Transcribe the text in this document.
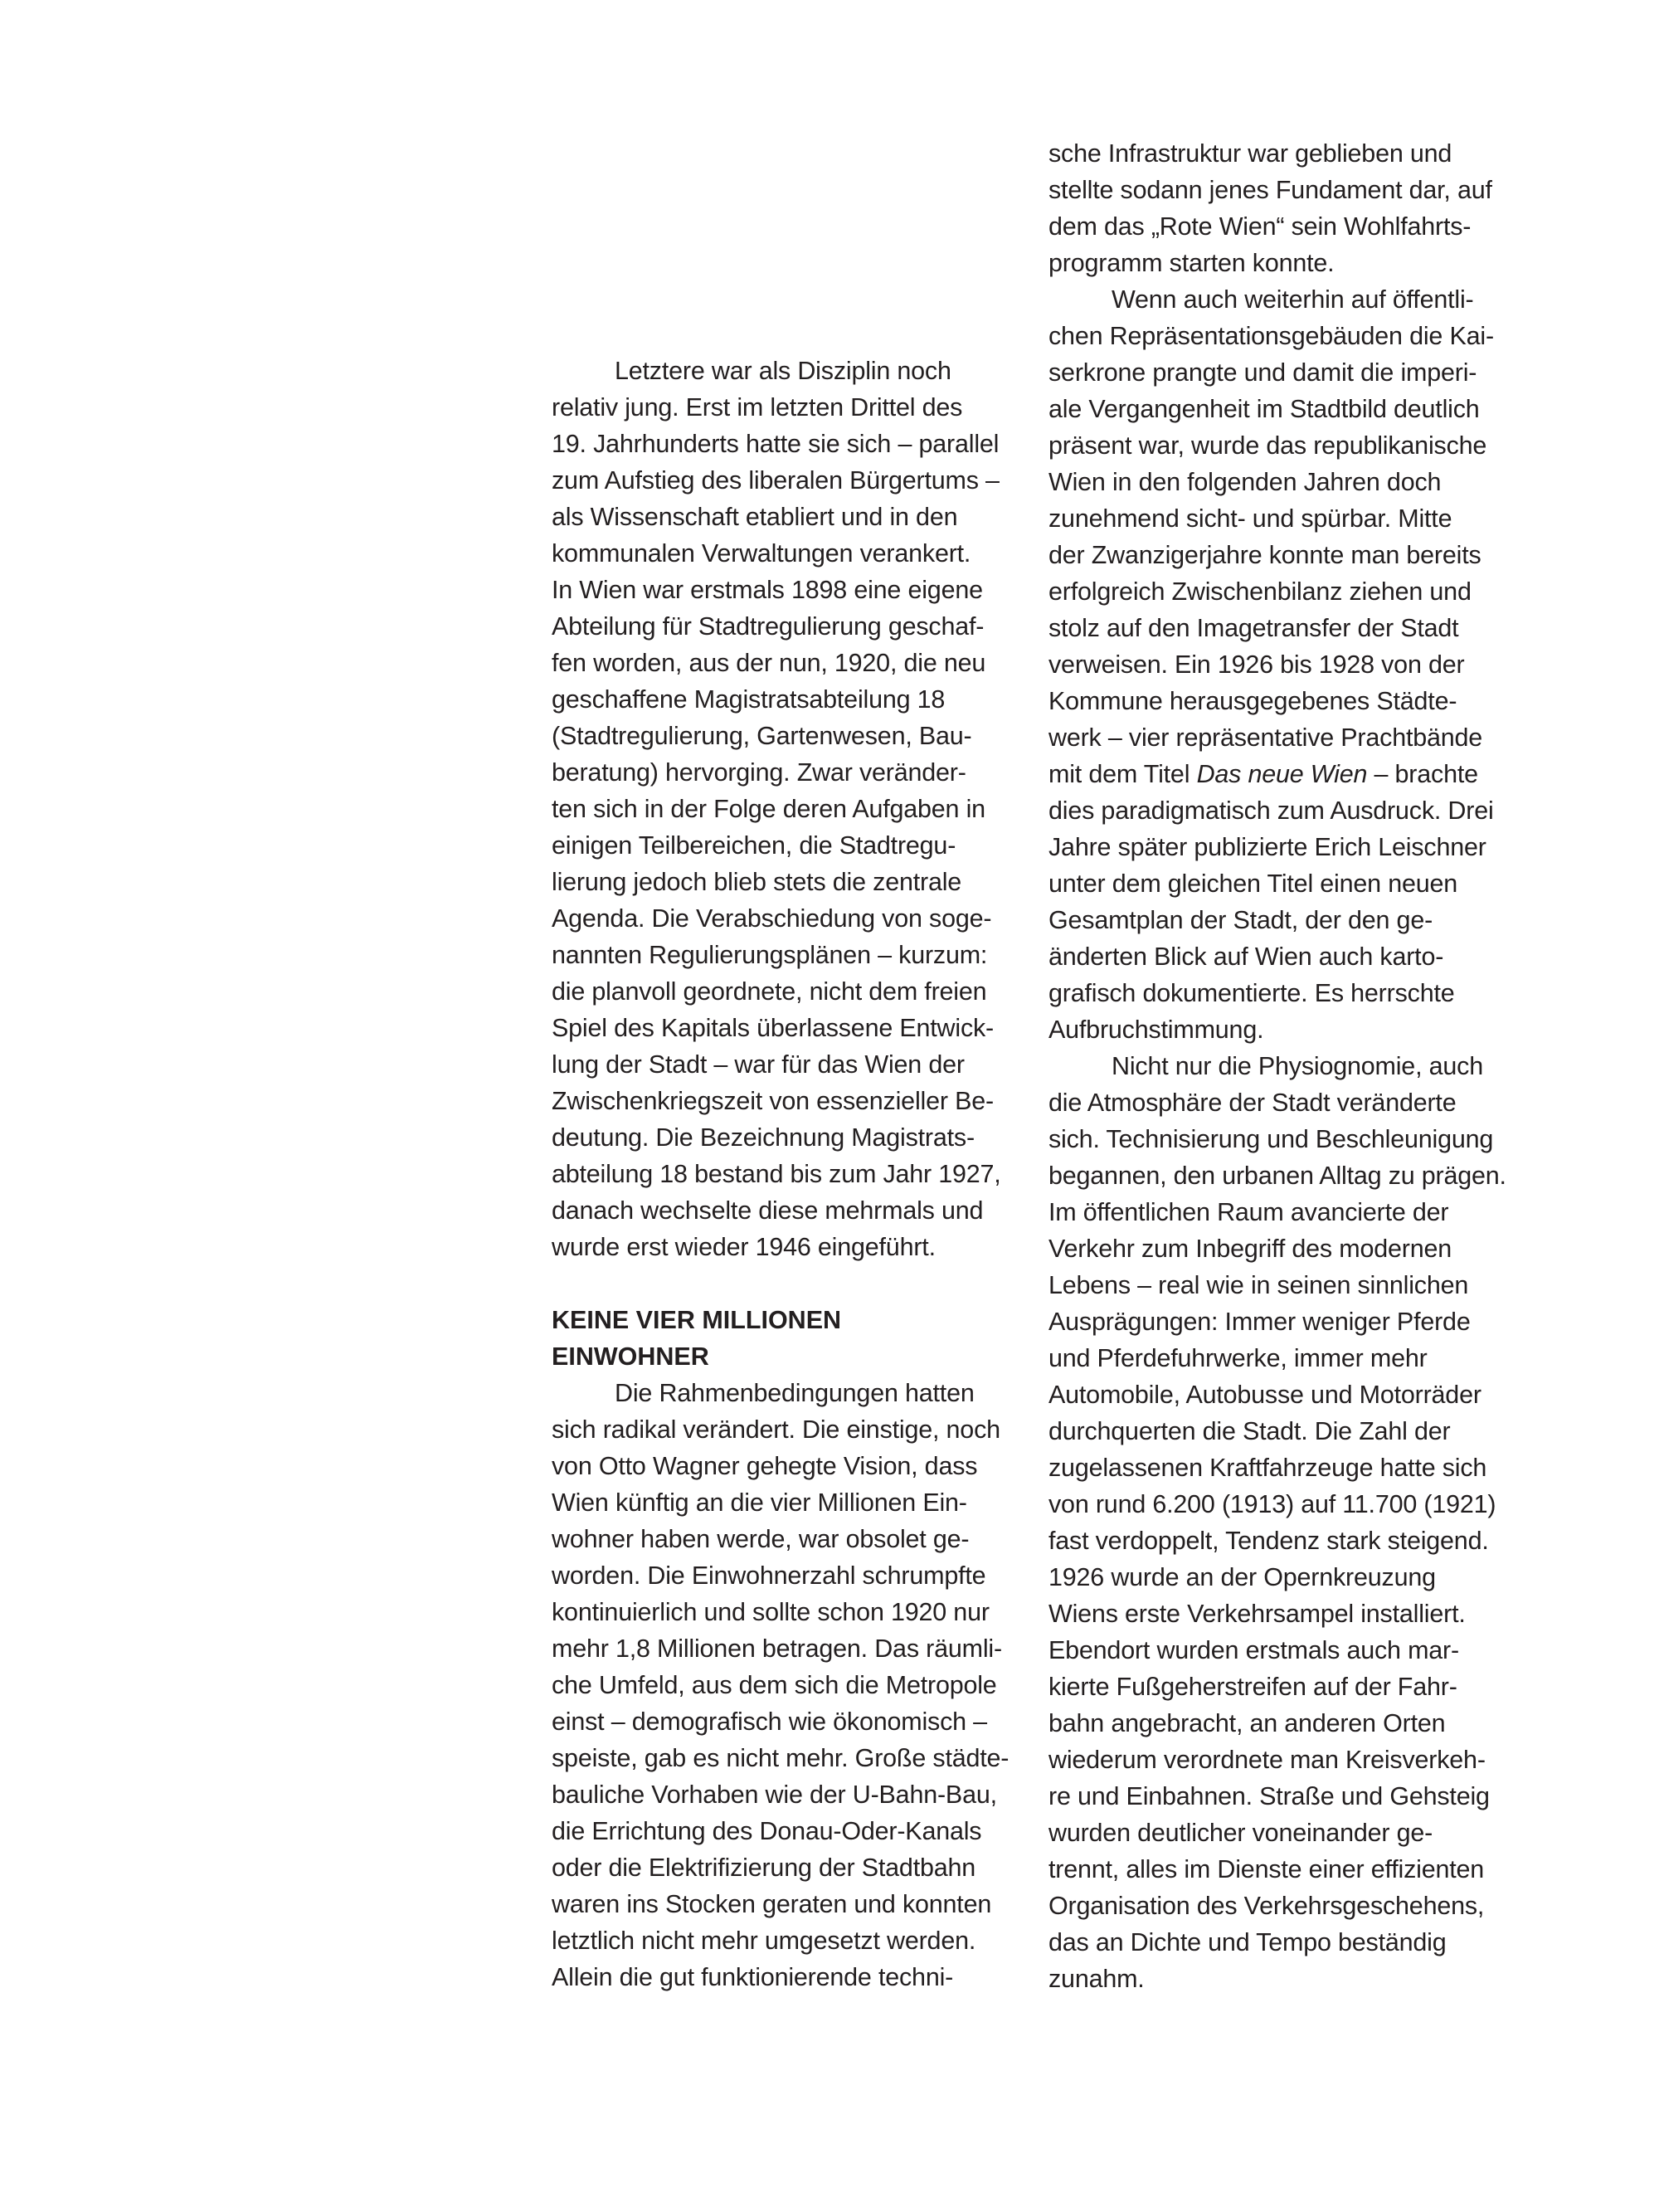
Letztere war als Disziplin noch
relativ jung. Erst im letzten Drittel des
19. Jahrhunderts hatte sie sich – parallel
zum Aufstieg des liberalen Bürgertums –
als Wissenschaft etabliert und in den
kommunalen Verwaltungen verankert.
In Wien war erstmals 1898 eine eigene
Abteilung für Stadtregulierung geschaf-
fen worden, aus der nun, 1920, die neu
geschaffene Magistratsabteilung 18
(Stadtregulierung, Gartenwesen, Bau-
beratung) hervorging. Zwar veränder-
ten sich in der Folge deren Aufgaben in
einigen Teilbereichen, die Stadtregu-
lierung jedoch blieb stets die zentrale
Agenda. Die Verabschiedung von soge-
nannten Regulierungsplänen – kurzum:
die planvoll geordnete, nicht dem freien
Spiel des Kapitals überlassene Entwick-
lung der Stadt – war für das Wien der
Zwischenkriegszeit von essenzieller Be-
deutung. Die Bezeichnung Magistrats-
abteilung 18 bestand bis zum Jahr 1927,
danach wechselte diese mehrmals und
wurde erst wieder 1946 eingeführt.
KEINE VIER MILLIONEN
EINWOHNER
Die Rahmenbedingungen hatten
sich radikal verändert. Die einstige, noch
von Otto Wagner gehegte Vision, dass
Wien künftig an die vier Millionen Ein-
wohner haben werde, war obsolet ge-
worden. Die Einwohnerzahl schrumpfte
kontinuierlich und sollte schon 1920 nur
mehr 1,8 Millionen betragen. Das räumli-
che Umfeld, aus dem sich die Metropole
einst – demografisch wie ökonomisch –
speiste, gab es nicht mehr. Große städte-
bauliche Vorhaben wie der U-Bahn-Bau,
die Errichtung des Donau-Oder-Kanals
oder die Elektrifizierung der Stadtbahn
waren ins Stocken geraten und konnten
letztlich nicht mehr umgesetzt werden.
Allein die gut funktionierende techni-
sche Infrastruktur war geblieben und
stellte sodann jenes Fundament dar, auf
dem das „Rote Wien“ sein Wohlfahrts-
programm starten konnte.
Wenn auch weiterhin auf öffentli-
chen Repräsentationsgebäuden die Kai-
serkrone prangte und damit die imperi-
ale Vergangenheit im Stadtbild deutlich
präsent war, wurde das republikanische
Wien in den folgenden Jahren doch
zunehmend sicht- und spürbar. Mitte
der Zwanzigerjahre konnte man bereits
erfolgreich Zwischenbilanz ziehen und
stolz auf den Imagetransfer der Stadt
verweisen. Ein 1926 bis 1928 von der
Kommune herausgegebenes Städte-
werk – vier repräsentative Prachtbände
mit dem Titel Das neue Wien – brachte
dies paradigmatisch zum Ausdruck. Drei
Jahre später publizierte Erich Leischner
unter dem gleichen Titel einen neuen
Gesamtplan der Stadt, der den ge-
änderten Blick auf Wien auch karto-
grafisch dokumentierte. Es herrschte
Aufbruchstimmung.
Nicht nur die Physiognomie, auch
die Atmosphäre der Stadt veränderte
sich. Technisierung und Beschleunigung
begannen, den urbanen Alltag zu prägen.
Im öffentlichen Raum avancierte der
Verkehr zum Inbegriff des modernen
Lebens – real wie in seinen sinnlichen
Ausprägungen: Immer weniger Pferde
und Pferdefuhrwerke, immer mehr
Automobile, Autobusse und Motorräder
durchquerten die Stadt. Die Zahl der
zugelassenen Kraftfahrzeuge hatte sich
von rund 6.200 (1913) auf 11.700 (1921)
fast verdoppelt, Tendenz stark steigend.
1926 wurde an der Opernkreuzung
Wiens erste Verkehrsampel installiert.
Ebendort wurden erstmals auch mar-
kierte Fußgeherstreifen auf der Fahr-
bahn angebracht, an anderen Orten
wiederum verordnete man Kreisverkeh-
re und Einbahnen. Straße und Gehsteig
wurden deutlicher voneinander ge-
trennt, alles im Dienste einer effizienten
Organisation des Verkehrsgeschehens,
das an Dichte und Tempo beständig
zunahm.
